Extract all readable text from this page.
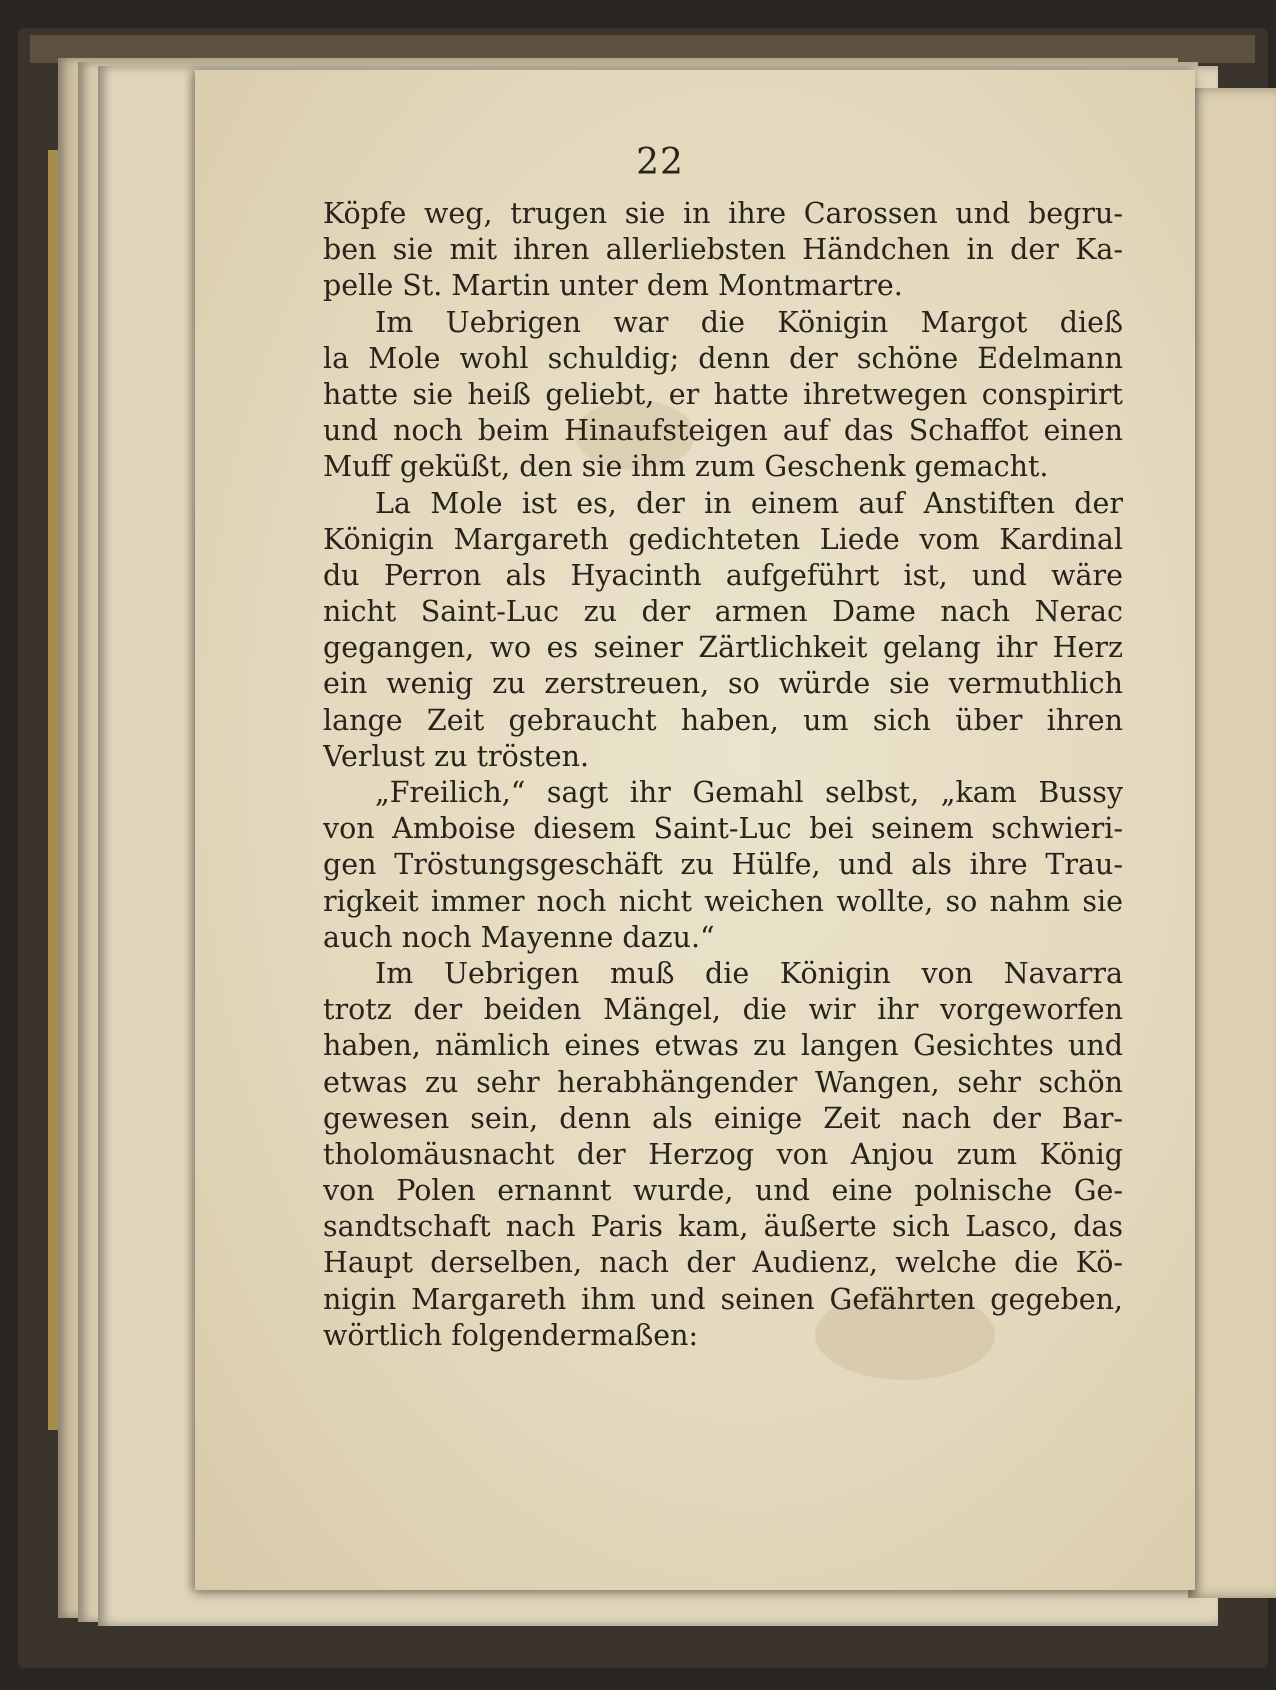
22
Köpfe weg, trugen sie in ihre Carossen und begru-
ben sie mit ihren allerliebsten Händchen in der Ka-
pelle St. Martin unter dem Montmartre.
Im Uebrigen war die Königin Margot dieß
la Mole wohl schuldig; denn der schöne Edelmann
hatte sie heiß geliebt, er hatte ihretwegen conspirirt
und noch beim Hinaufsteigen auf das Schaffot einen
Muff geküßt, den sie ihm zum Geschenk gemacht.
La Mole ist es, der in einem auf Anstiften der
Königin Margareth gedichteten Liede vom Kardinal
du Perron als Hyacinth aufgeführt ist, und wäre
nicht Saint-Luc zu der armen Dame nach Nerac
gegangen, wo es seiner Zärtlichkeit gelang ihr Herz
ein wenig zu zerstreuen, so würde sie vermuthlich
lange Zeit gebraucht haben, um sich über ihren
Verlust zu trösten.
„Freilich,“ sagt ihr Gemahl selbst, „kam Bussy
von Amboise diesem Saint-Luc bei seinem schwieri-
gen Tröstungsgeschäft zu Hülfe, und als ihre Trau-
rigkeit immer noch nicht weichen wollte, so nahm sie
auch noch Mayenne dazu.“
Im Uebrigen muß die Königin von Navarra
trotz der beiden Mängel, die wir ihr vorgeworfen
haben, nämlich eines etwas zu langen Gesichtes und
etwas zu sehr herabhängender Wangen, sehr schön
gewesen sein, denn als einige Zeit nach der Bar-
tholomäusnacht der Herzog von Anjou zum König
von Polen ernannt wurde, und eine polnische Ge-
sandtschaft nach Paris kam, äußerte sich Lasco, das
Haupt derselben, nach der Audienz, welche die Kö-
nigin Margareth ihm und seinen Gefährten gegeben,
wörtlich folgendermaßen:
